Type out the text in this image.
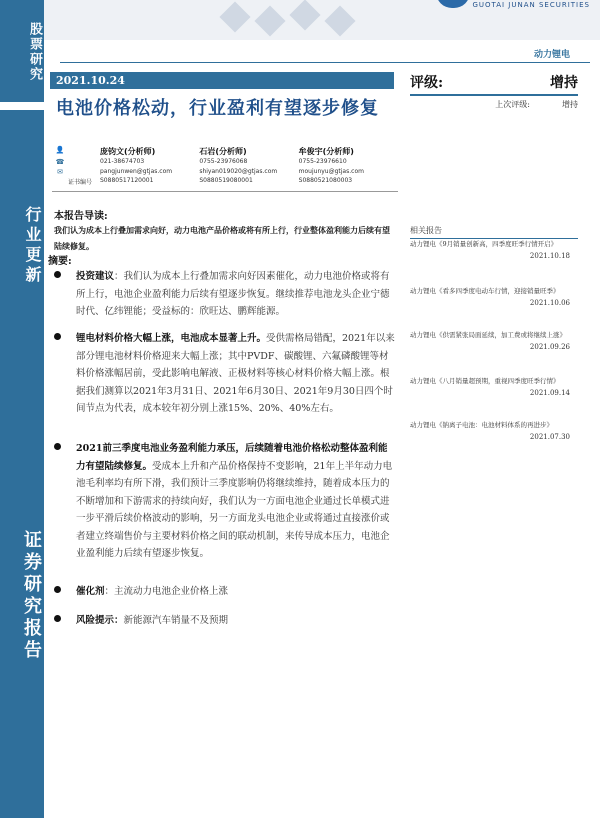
股票研究
行业更新
证券研究报告
GUOTAI JUNAN SECURITIES
动力锂电
2021.10.24
电池价格松动，行业盈利有望逐步修复
评级:	增持
上次评级:	增持
👤
☎
✉
证书编号
庞钧文(分析师)
021-38674703
pangjunwen@gtjas.com
S0880517120001
石岩(分析师)
0755-23976068
shiyan019020@gtjas.com
S0880519080001
牟俊宇(分析师)
0755-23976610
moujunyu@gtjas.com
S0880521080003
本报告导读:
我们认为成本上行叠加需求向好，动力电池产品价格或将有所上行，行业整体盈利能力后续有望陆续修复。
摘要:
投资建议：我们认为成本上行叠加需求向好因素催化，动力电池价格或将有所上行，电池企业盈利能力后续有望逐步恢复。继续推荐电池龙头企业宁德时代、亿纬锂能；受益标的：欣旺达、鹏辉能源。
锂电材料价格大幅上涨，电池成本显著上升。受供需格局错配，2021年以来部分锂电池材料价格迎来大幅上涨；其中PVDF、碳酸锂、六氟磷酸锂等材料价格涨幅居前，受此影响电解液、正极材料等核心材料价格大幅上涨。根据我们测算以2021年3月31日、2021年6月30日、2021年9月30日四个时间节点为代表，成本较年初分别上涨15%、20%、40%左右。
2021前三季度电池业务盈利能力承压，后续随着电池价格松动整体盈利能力有望陆续修复。受成本上升和产品价格保持不变影响，21年上半年动力电池毛利率均有所下滑，我们预计三季度影响仍将继续维持，随着成本压力的不断增加和下游需求的持续向好，我们认为一方面电池企业通过长单模式进一步平滑后续价格波动的影响，另一方面龙头电池企业或将通过直接涨价或者建立终端售价与主要材料价格之间的联动机制，来传导成本压力，电池企业盈利能力后续有望逐步恢复。
催化剂：主流动力电池企业价格上涨
风险提示：新能源汽车销量不及预期
相关报告
动力锂电《9月销量创新高，四季度旺季行情开启》
2021.10.18
动力锂电《看多四季度电动车行情，迎接销量旺季》
2021.10.06
动力锂电《供需紧张局面延续，加工费或将继续上涨》
2021.09.26
动力锂电《八月销量超预期，重视四季度旺季行情》
2021.09.14
动力锂电《钠离子电池：电池材料体系的再进步》
2021.07.30
